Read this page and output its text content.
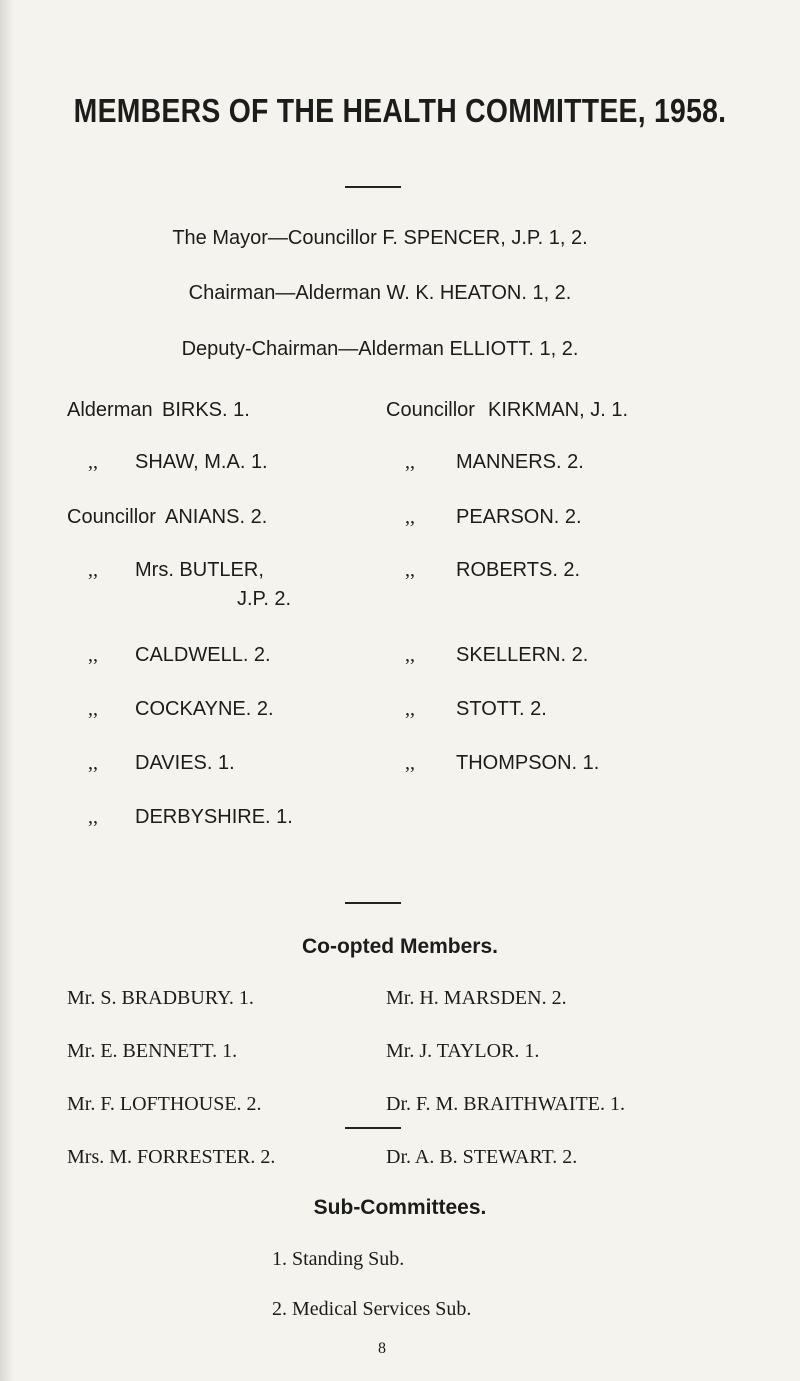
MEMBERS OF THE HEALTH COMMITTEE, 1958.
The Mayor—Councillor F. SPENCER, J.P. 1, 2.
Chairman—Alderman W. K. HEATON. 1, 2.
Deputy-Chairman—Alderman ELLIOTT. 1, 2.
Alderman BIRKS. 1.
,, SHAW, M.A. 1.
Councillor ANIANS. 2.
,, Mrs. BUTLER,
J.P. 2.
,, CALDWELL. 2.
,, COCKAYNE. 2.
,, DAVIES. 1.
,, DERBYSHIRE. 1.
Councillor KIRKMAN, J. 1.
,, MANNERS. 2.
,, PEARSON. 2.
,, ROBERTS. 2.
,, SKELLERN. 2.
,, STOTT. 2.
,, THOMPSON. 1.
Co-opted Members.
Mr. S. BRADBURY. 1.
Mr. E. BENNETT. 1.
Mr. F. LOFTHOUSE. 2.
Mrs. M. FORRESTER. 2.
Mr. H. MARSDEN. 2.
Mr. J. TAYLOR. 1.
Dr. F. M. BRAITHWAITE. 1.
Dr. A. B. STEWART. 2.
1. Standing Sub.
2. Medical Services Sub.
Sub-Committees.
8
